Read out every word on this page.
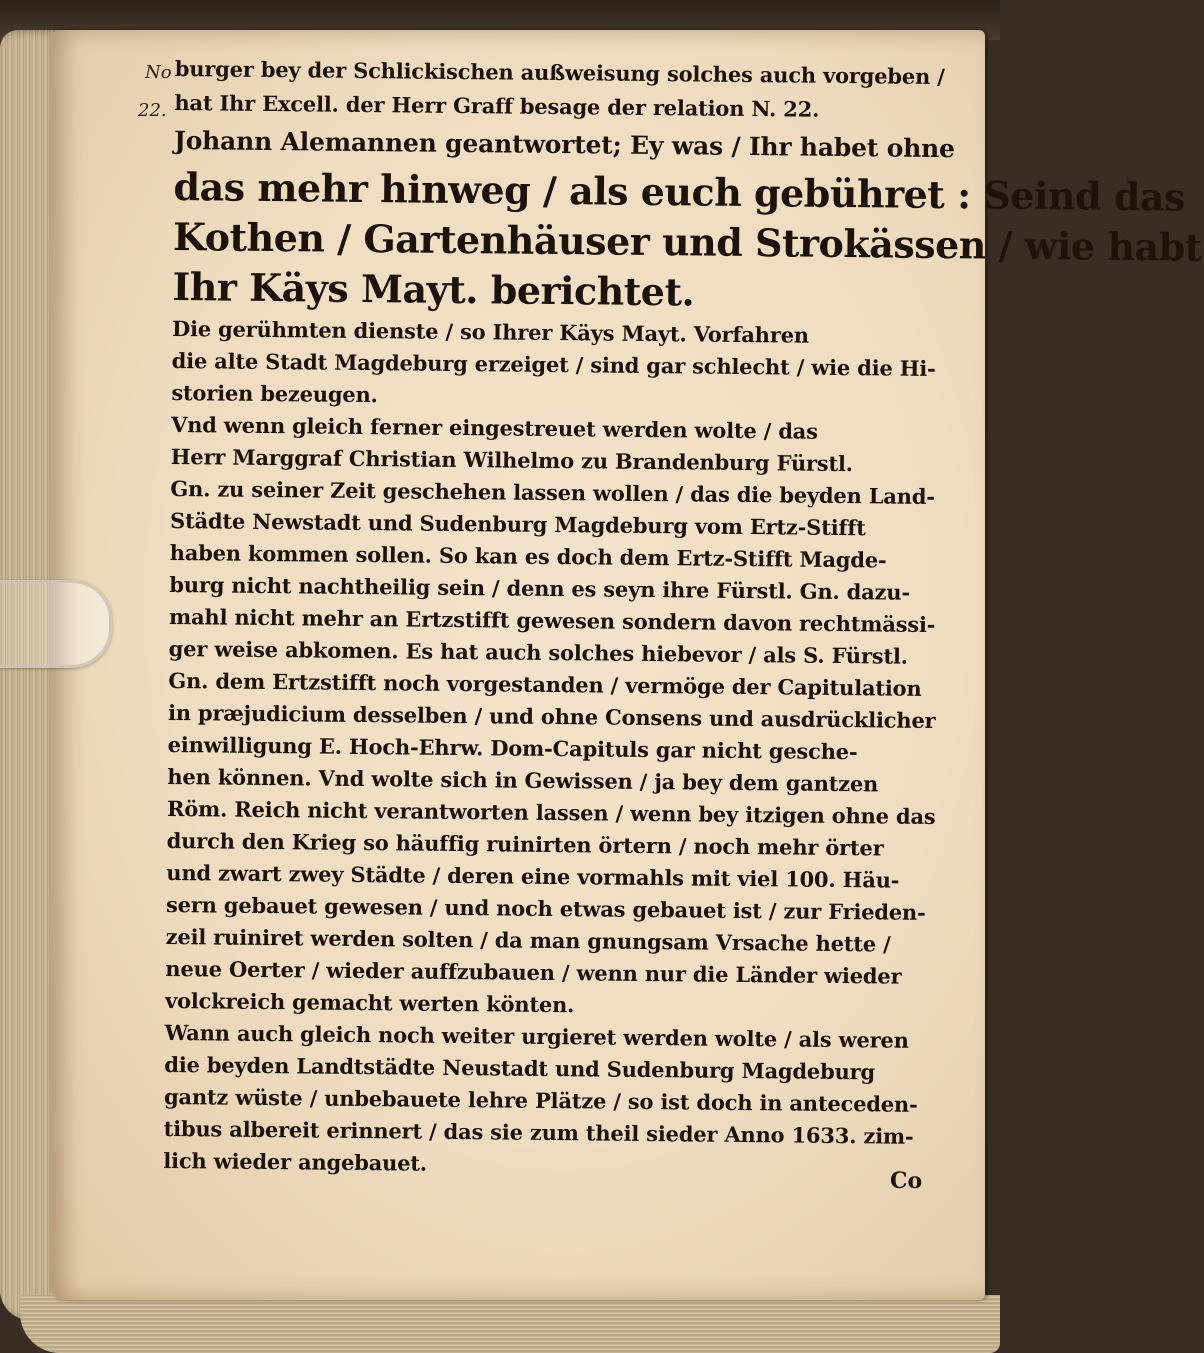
No
22.
burger bey der Schlickischen außweisung solches auch vorgeben /
hat Ihr Excell. der Herr Graff besage der relation N. 22.
Johann Alemannen geantwortet; Ey was / Ihr habet ohne
das mehr hinweg / als euch gebühret : Seind das
Kothen / Gartenhäuser und Strokässen / wie habt
Ihr Käys Mayt. berichtet.
Die gerühmten dienste / so Ihrer Käys Mayt. Vorfahren
die alte Stadt Magdeburg erzeiget / sind gar schlecht / wie die Hi-
storien bezeugen.
Vnd wenn gleich ferner eingestreuet werden wolte / das
Herr Marggraf Christian Wilhelmo zu Brandenburg Fürstl.
Gn. zu seiner Zeit geschehen lassen wollen / das die beyden Land-
Städte Newstadt und Sudenburg Magdeburg vom Ertz-Stifft
haben kommen sollen. So kan es doch dem Ertz-Stifft Magde-
burg nicht nachtheilig sein / denn es seyn ihre Fürstl. Gn. dazu-
mahl nicht mehr an Ertzstifft gewesen sondern davon rechtmässi-
ger weise abkomen. Es hat auch solches hiebevor / als S. Fürstl.
Gn. dem Ertzstifft noch vorgestanden / vermöge der Capitulation
in præjudicium desselben / und ohne Consens und ausdrücklicher
einwilligung E. Hoch-Ehrw. Dom-Capituls gar nicht gesche-
hen können. Vnd wolte sich in Gewissen / ja bey dem gantzen
Röm. Reich nicht verantworten lassen / wenn bey itzigen ohne das
durch den Krieg so häuffig ruinirten örtern / noch mehr örter
und zwart zwey Städte / deren eine vormahls mit viel 100. Häu-
sern gebauet gewesen / und noch etwas gebauet ist / zur Frieden-
zeil ruiniret werden solten / da man gnungsam Vrsache hette /
neue Oerter / wieder auffzubauen / wenn nur die Länder wieder
volckreich gemacht werten könten.
Wann auch gleich noch weiter urgieret werden wolte / als weren
die beyden Landtstädte Neustadt und Sudenburg Magdeburg
gantz wüste / unbebauete lehre Plätze / so ist doch in anteceden-
tibus albereit erinnert / das sie zum theil sieder Anno 1633. zim-
lich wieder angebauet.
Co
